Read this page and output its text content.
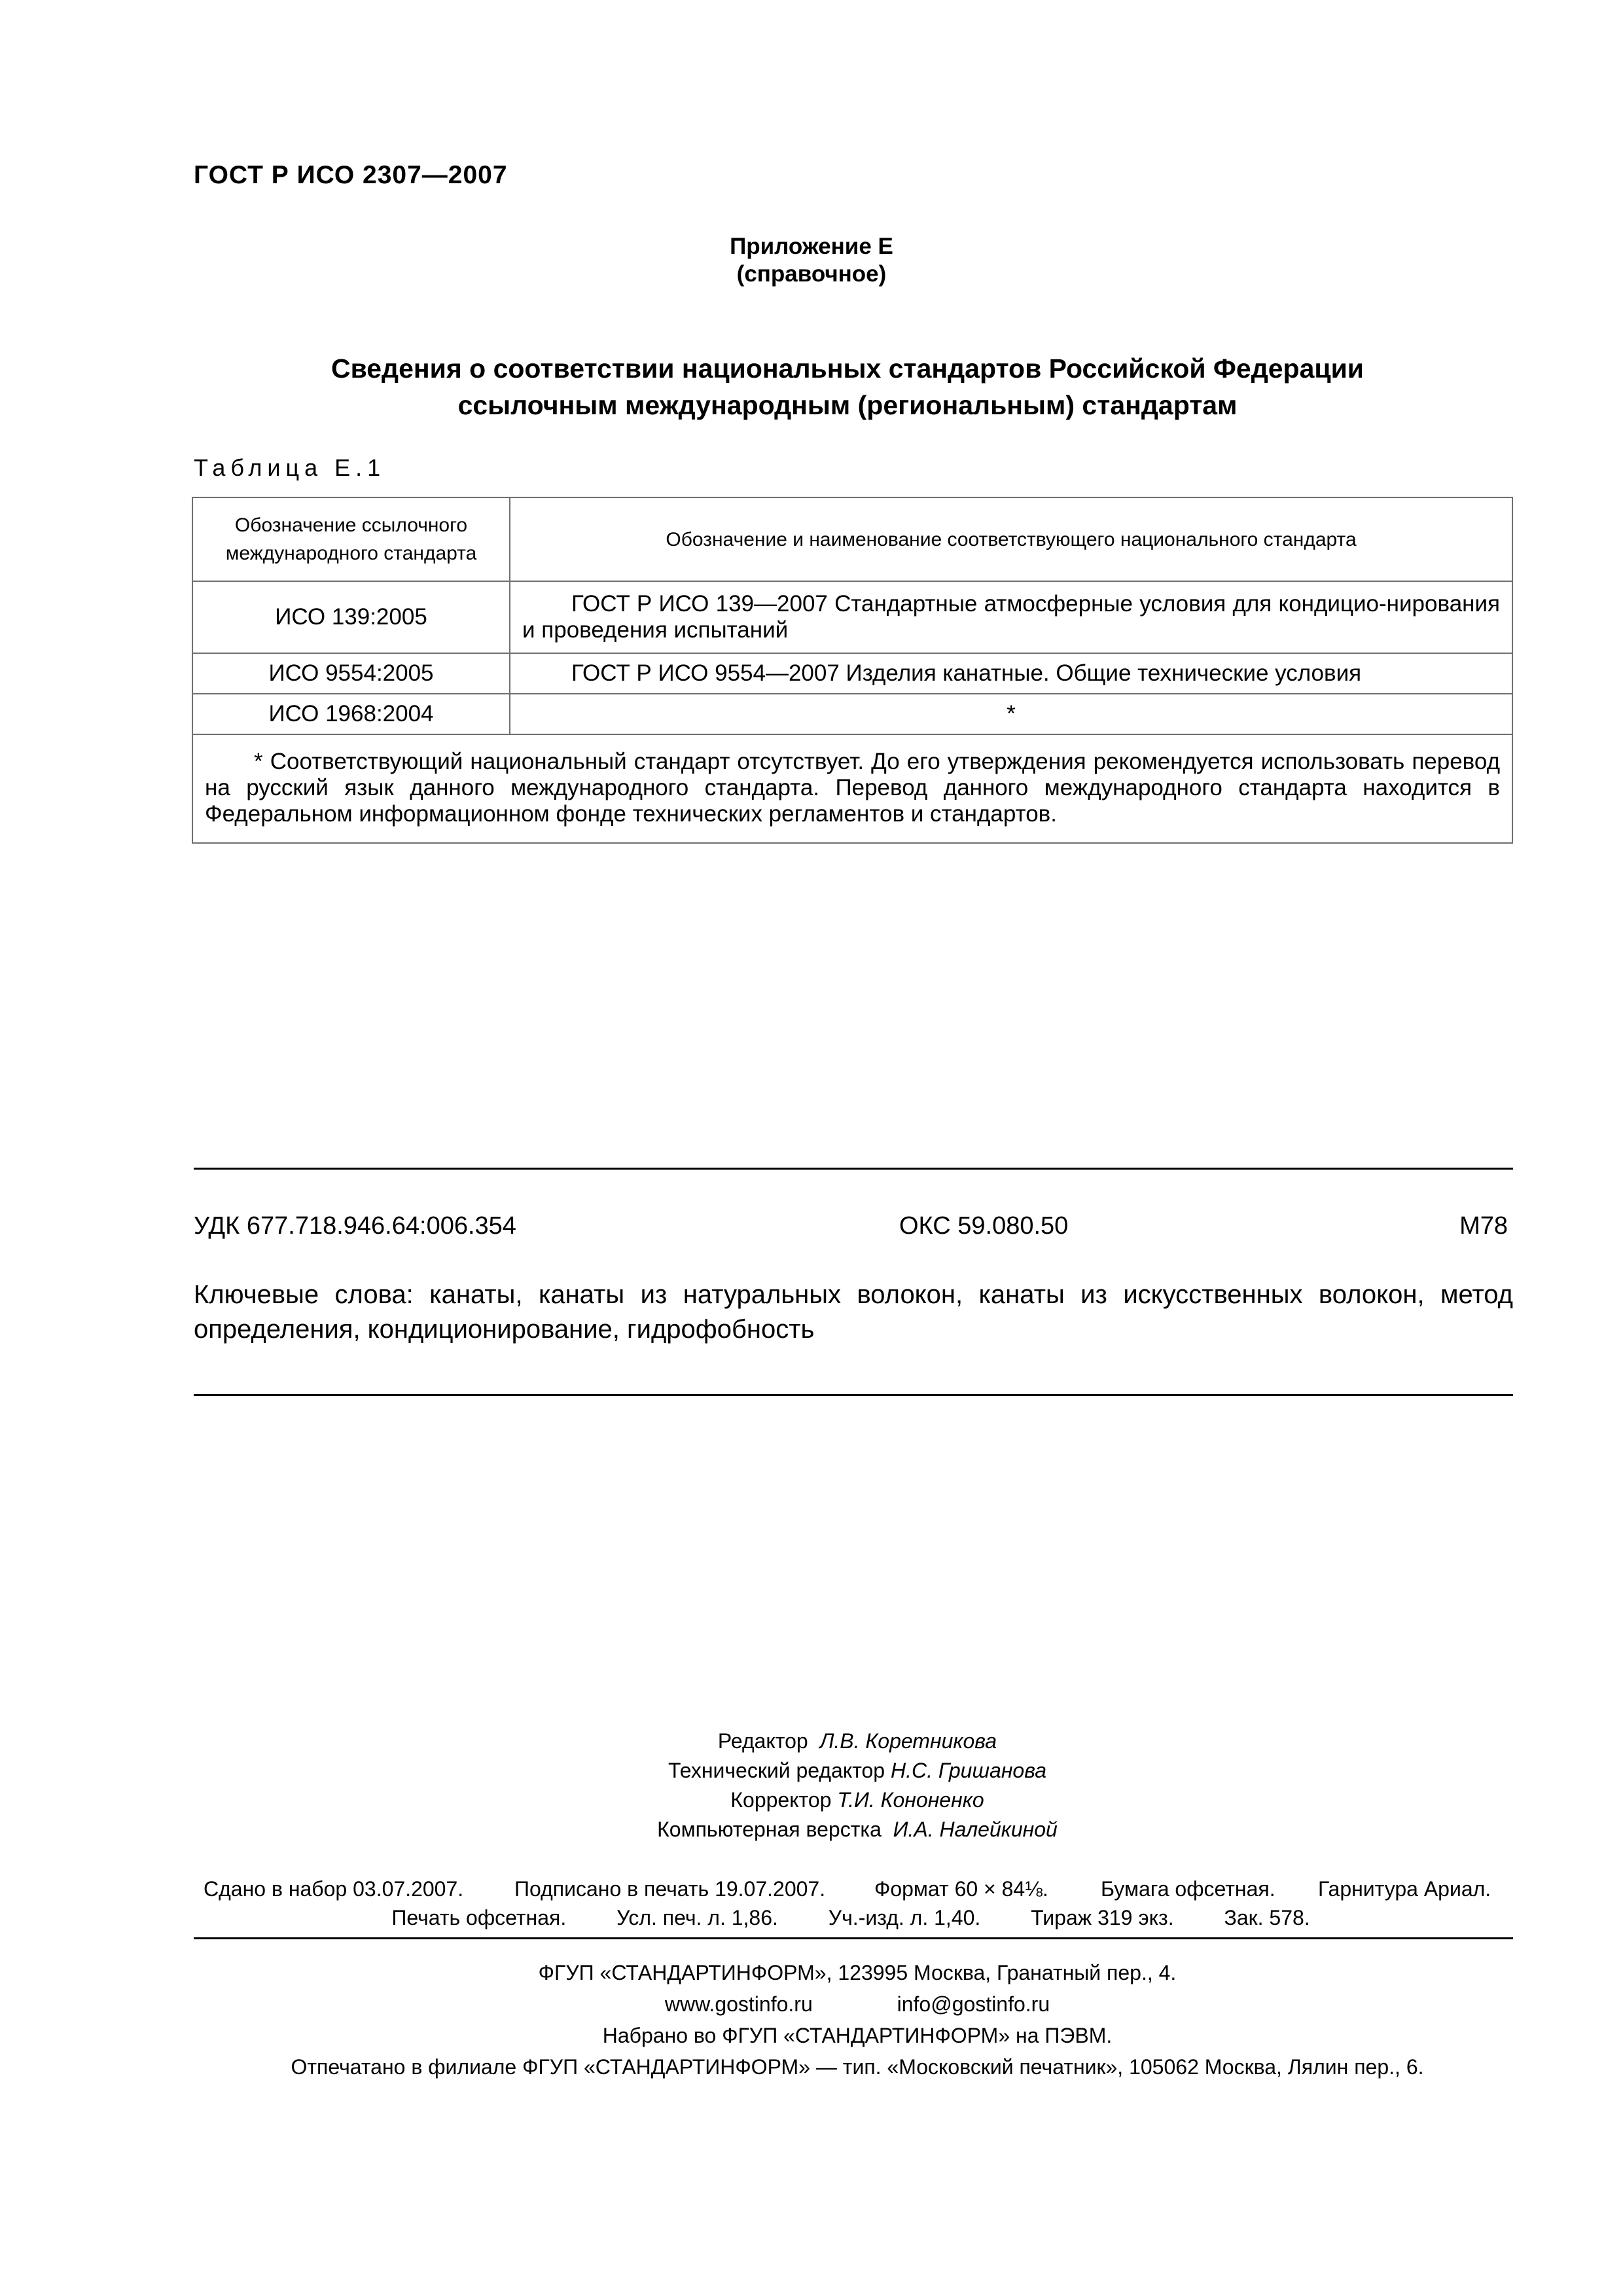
ГОСТ Р ИСО 2307—2007
Приложение Е
(справочное)
Сведения о соответствии национальных стандартов Российской Федерации
ссылочным международным (региональным) стандартам
Таблица Е.1
Обозначение ссылочного международного стандарта	Обозначение и наименование соответствующего национального стандарта
ИСО 139:2005	ГОСТ Р ИСО 139—2007 Стандартные атмосферные условия для кондицио-нирования и проведения испытаний

ИСО 9554:2005	ГОСТ Р ИСО 9554—2007 Изделия канатные. Общие технические условия
ИСО 1968:2004	*

* Соответствующий национальный стандарт отсутствует. До его утверждения рекомендуется использовать перевод на русский язык данного международного стандарта. Перевод данного международного стандарта находится в Федеральном информационном фонде технических регламентов и стандартов.	
УДК 677.718.946.64:006.354	ОКС 59.080.50	М78
Ключевые слова: канаты, канаты из натуральных волокон, канаты из искусственных волокон, метод определения, кондиционирование, гидрофобность
Редактор Л.В. Коретникова
Технический редактор Н.С. Гришанова
Корректор Т.И. Кононенко
Компьютерная верстка И.А. Налейкиной
Сдано в набор 03.07.2007. Подписано в печать 19.07.2007. Формат 60 × 84⅛.	Бумага офсетная. Гарнитура Ариал.
Печать офсетная. Усл. печ. л. 1,86. Уч.-изд. л. 1,40. Тираж 319 экз. Зак. 578.
ФГУП «СТАНДАРТИНФОРМ», 123995 Москва, Гранатный пер., 4.
www.gostinfo.ru	info@gostinfo.ru
Набрано во ФГУП «СТАНДАРТИНФОРМ» на ПЭВМ.
Отпечатано в филиале ФГУП «СТАНДАРТИНФОРМ» — тип. «Московский печатник», 105062 Москва, Лялин пер., 6.
